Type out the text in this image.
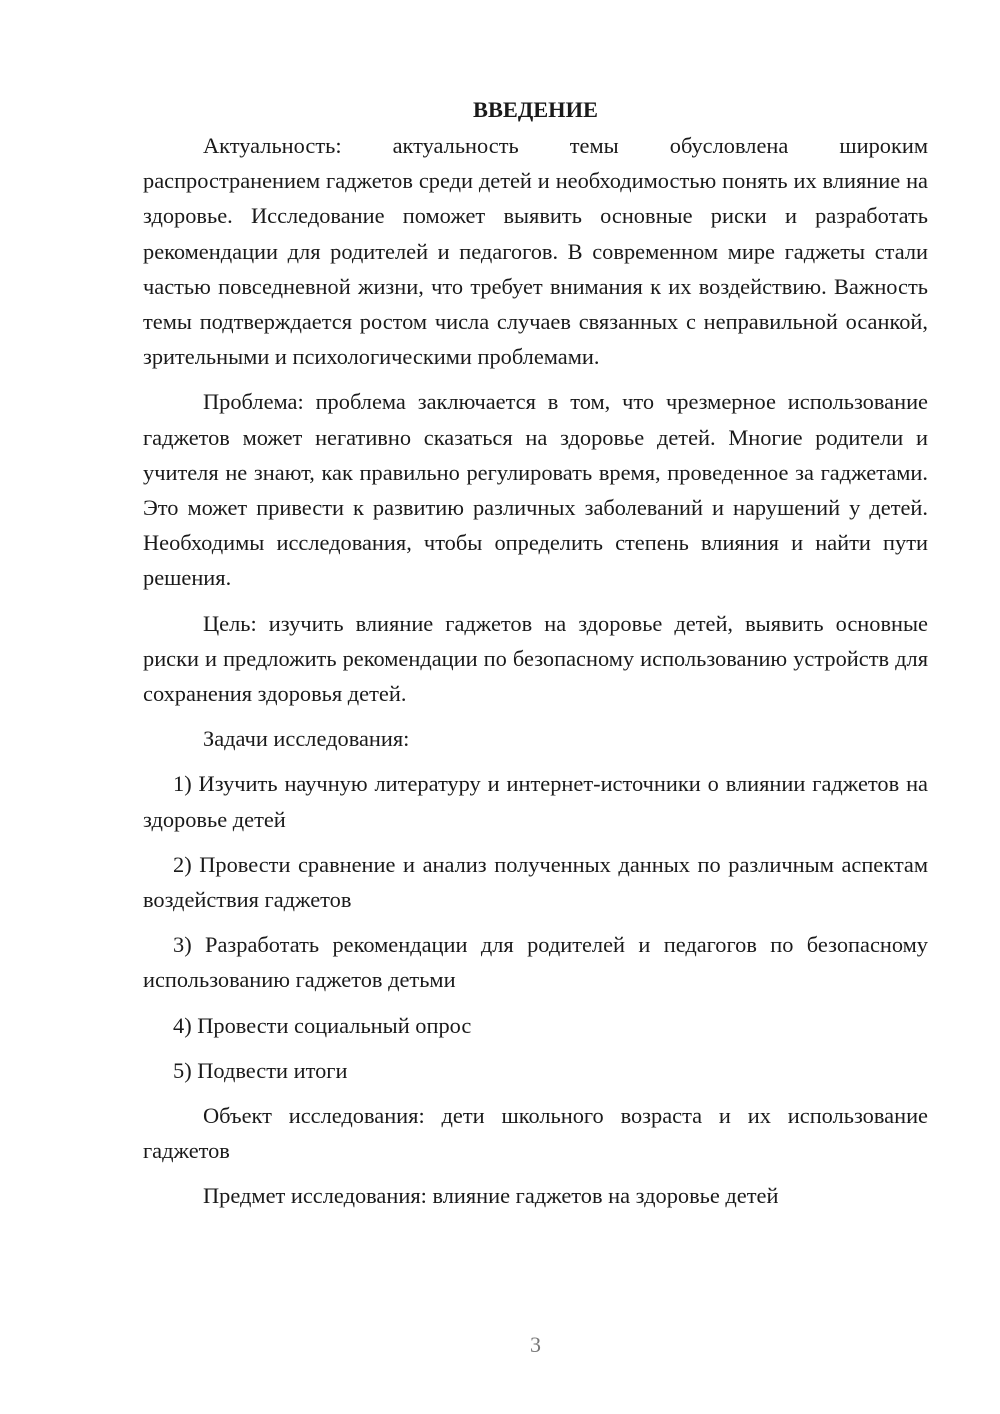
ВВЕДЕНИЕ

Актуальность: актуальность темы обусловлена широким распространением гаджетов среди детей и необходимостью понять их влияние на здоровье. Исследование поможет выявить основные риски и разработать рекомендации для родителей и педагогов. В современном мире гаджеты стали частью повседневной жизни, что требует внимания к их воздействию. Важность темы подтверждается ростом числа случаев связанных с неправильной осанкой, зрительными и психологическими проблемами.

Проблема: проблема заключается в том, что чрезмерное использование гаджетов может негативно сказаться на здоровье детей. Многие родители и учителя не знают, как правильно регулировать время, проведенное за гаджетами. Это может привести к развитию различных заболеваний и нарушений у детей. Необходимы исследования, чтобы определить степень влияния и найти пути решения.

Цель: изучить влияние гаджетов на здоровье детей, выявить основные риски и предложить рекомендации по безопасному использованию устройств для сохранения здоровья детей.

Задачи исследования:

1) Изучить научную литературу и интернет-источники о влиянии гаджетов на здоровье детей

2) Провести сравнение и анализ полученных данных по различным аспектам воздействия гаджетов

3) Разработать рекомендации для родителей и педагогов по безопасному использованию гаджетов детьми

4) Провести социальный опрос

5) Подвести итоги

Объект исследования: дети школьного возраста и их использование гаджетов

Предмет исследования: влияние гаджетов на здоровье детей

3
